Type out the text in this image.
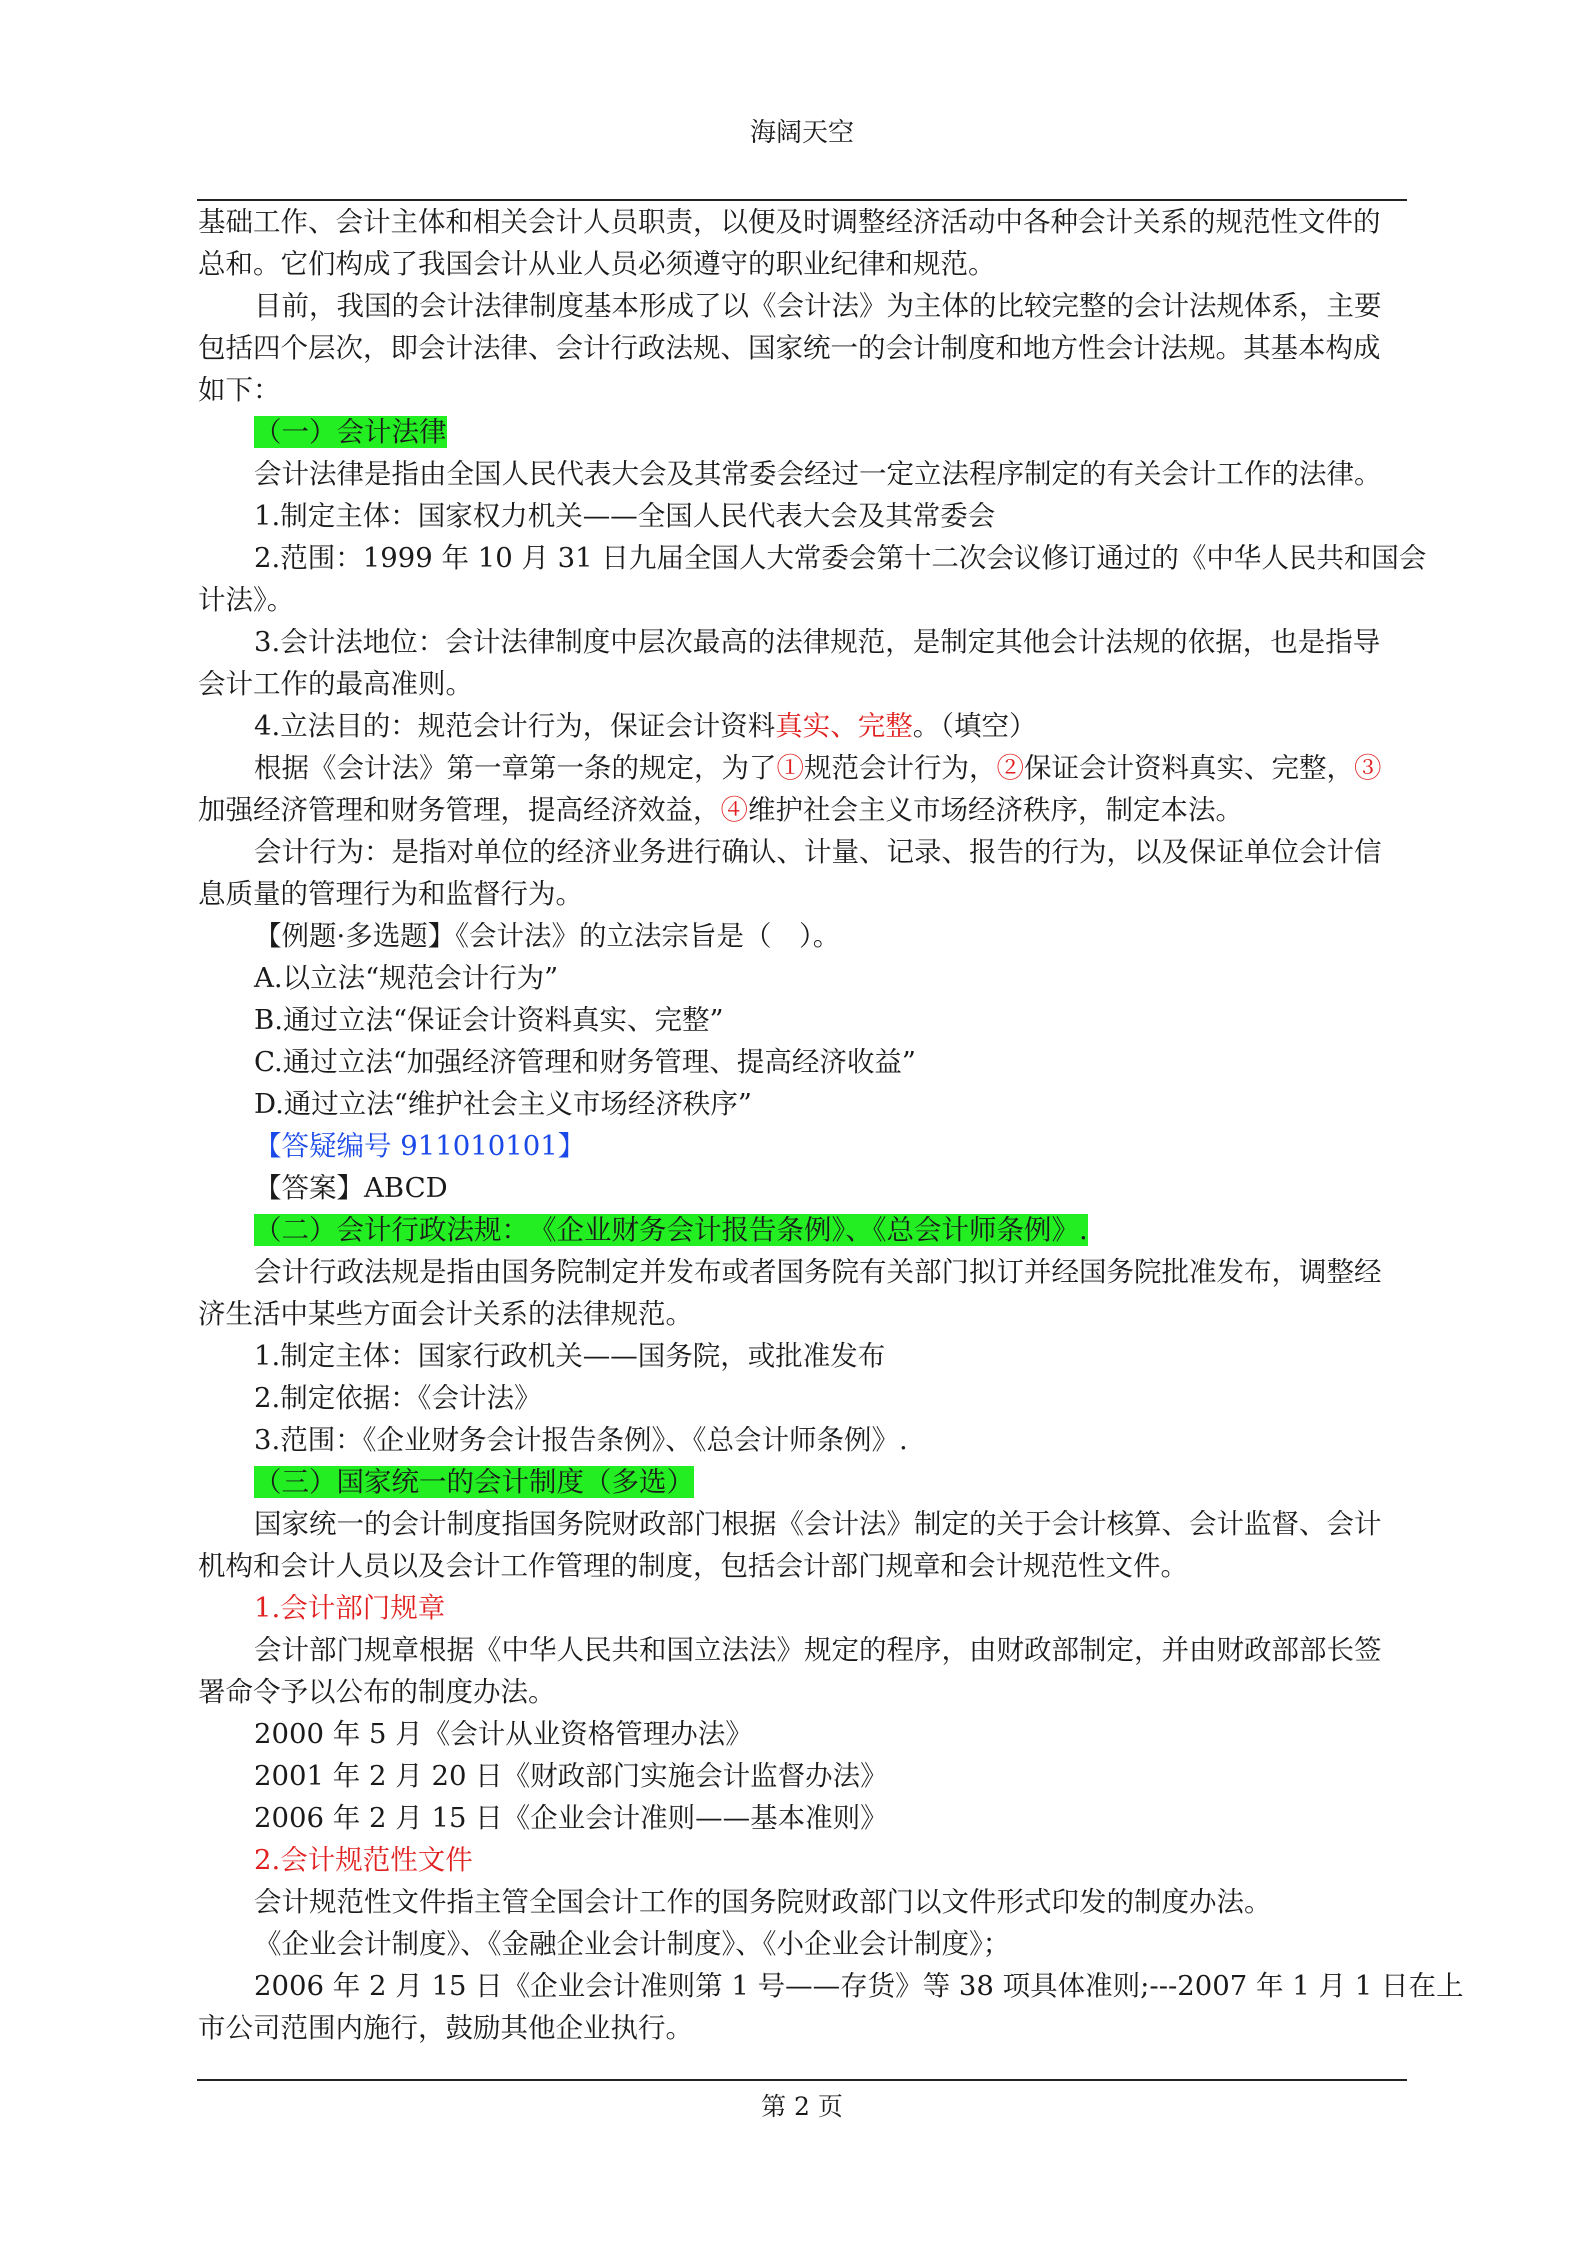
海阔天空
基础工作、会计主体和相关会计人员职责，以便及时调整经济活动中各种会计关系的规范性文件的
总和。它们构成了我国会计从业人员必须遵守的职业纪律和规范。
目前，我国的会计法律制度基本形成了以《会计法》为主体的比较完整的会计法规体系，主要
包括四个层次，即会计法律、会计行政法规、国家统一的会计制度和地方性会计法规。其基本构成
如下：
（一）会计法律
会计法律是指由全国人民代表大会及其常委会经过一定立法程序制定的有关会计工作的法律。
1.制定主体：国家权力机关——全国人民代表大会及其常委会
2.范围：1999 年 10 月 31 日九届全国人大常委会第十二次会议修订通过的《中华人民共和国会
计法》。
3.会计法地位：会计法律制度中层次最高的法律规范，是制定其他会计法规的依据，也是指导
会计工作的最高准则。
4.立法目的：规范会计行为，保证会计资料真实、完整。（填空）
根据《会计法》第一章第一条的规定，为了①规范会计行为，②保证会计资料真实、完整，③
加强经济管理和财务管理，提高经济效益，④维护社会主义市场经济秩序，制定本法。
会计行为：是指对单位的经济业务进行确认、计量、记录、报告的行为，以及保证单位会计信
息质量的管理行为和监督行为。
【例题·多选题】《会计法》的立法宗旨是（　）。
A.以立法“规范会计行为”
B.通过立法“保证会计资料真实、完整”
C.通过立法“加强经济管理和财务管理、提高经济收益”
D.通过立法“维护社会主义市场经济秩序”
【答疑编号 911010101】
【答案】ABCD
（二）会计行政法规：　《企业财务会计报告条例》、《总会计师条例》.
会计行政法规是指由国务院制定并发布或者国务院有关部门拟订并经国务院批准发布，调整经
济生活中某些方面会计关系的法律规范。
1.制定主体：国家行政机关——国务院，或批准发布
2.制定依据：《会计法》
3.范围：《企业财务会计报告条例》、《总会计师条例》.
（三）国家统一的会计制度（多选）
国家统一的会计制度指国务院财政部门根据《会计法》制定的关于会计核算、会计监督、会计
机构和会计人员以及会计工作管理的制度，包括会计部门规章和会计规范性文件。
1.会计部门规章
会计部门规章根据《中华人民共和国立法法》规定的程序，由财政部制定，并由财政部部长签
署命令予以公布的制度办法。
2000 年 5 月《会计从业资格管理办法》
2001 年 2 月 20 日《财政部门实施会计监督办法》
2006 年 2 月 15 日《企业会计准则——基本准则》
2.会计规范性文件
会计规范性文件指主管全国会计工作的国务院财政部门以文件形式印发的制度办法。
《企业会计制度》、《金融企业会计制度》、《小企业会计制度》；
2006 年 2 月 15 日《企业会计准则第 1 号——存货》等 38 项具体准则;---2007 年 1 月 1 日在上
市公司范围内施行，鼓励其他企业执行。
第 2 页
